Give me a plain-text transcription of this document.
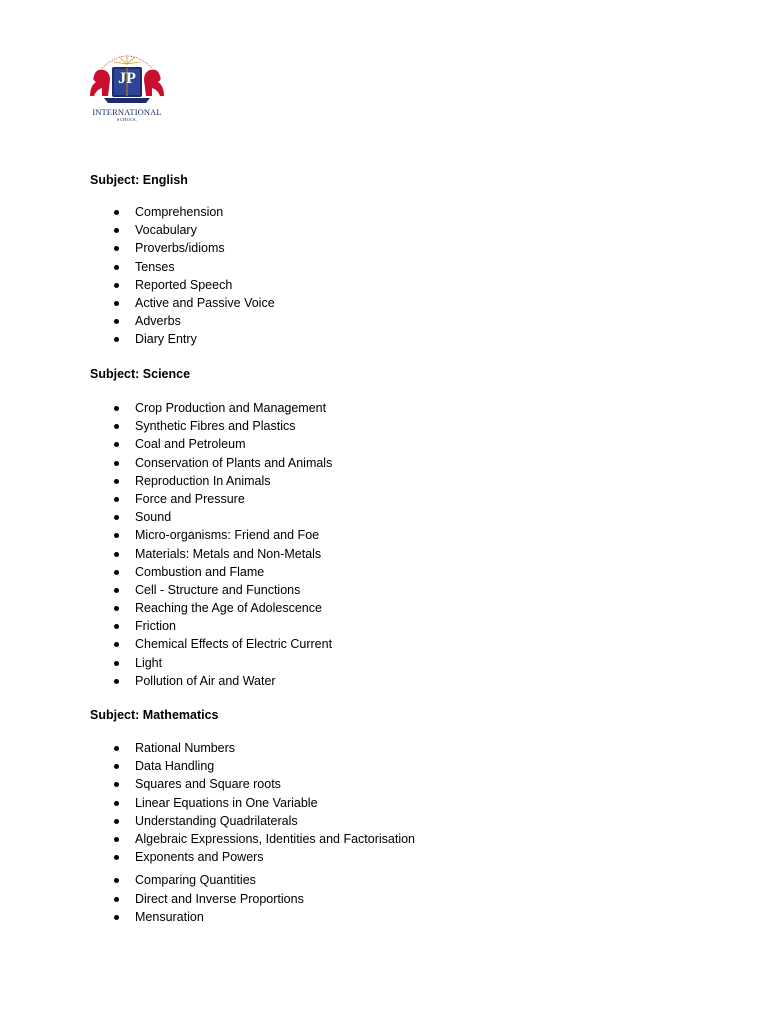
JP
INTERNATIONAL
SCHOOL
Subject: English
Comprehension
Vocabulary
Proverbs/idioms
Tenses
Reported Speech
Active and Passive Voice
Adverbs
Diary Entry
Subject: Science
Crop Production and Management
Synthetic Fibres and Plastics
Coal and Petroleum
Conservation of Plants and Animals
Reproduction In Animals
Force and Pressure
Sound
Micro-organisms: Friend and Foe
Materials: Metals and Non-Metals
Combustion and Flame
Cell - Structure and Functions
Reaching the Age of Adolescence
Friction
Chemical Effects of Electric Current
Light
Pollution of Air and Water
Subject: Mathematics
Rational Numbers
Data Handling
Squares and Square roots
Linear Equations in One Variable
Understanding Quadrilaterals
Algebraic Expressions, Identities and Factorisation
Exponents and Powers
Comparing Quantities
Direct and Inverse Proportions
Mensuration
